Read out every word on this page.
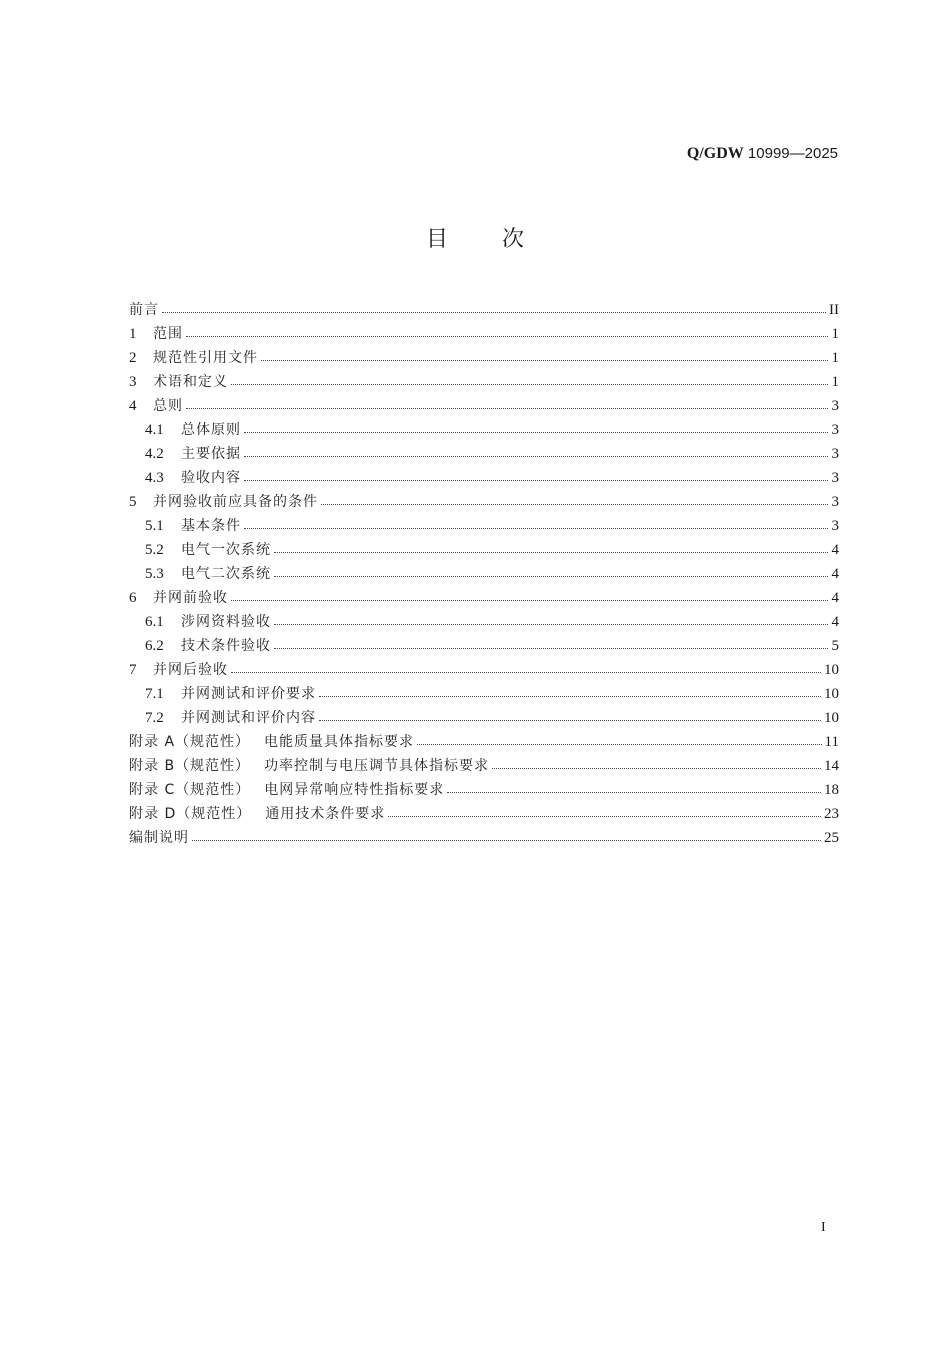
Q/GDW 10999—2025
目次
前言	II
1	范围	1
2	规范性引用文件	1
3	术语和定义	1
4	总则	3
4.1	总体原则	3
4.2	主要依据	3
4.3	验收内容	3
5	并网验收前应具备的条件	3
5.1	基本条件	3
5.2	电气一次系统	4
5.3	电气二次系统	4
6	并网前验收	4
6.1	涉网资料验收	4
6.2	技术条件验收	5
7	并网后验收	10
7.1	并网测试和评价要求	10
7.2	并网测试和评价内容	10
附录 A（规范性） 电能质量具体指标要求	11
附录 B（规范性） 功率控制与电压调节具体指标要求	14
附录 C（规范性） 电网异常响应特性指标要求	18
附录 D（规范性） 通用技术条件要求	23
编制说明	25
I
